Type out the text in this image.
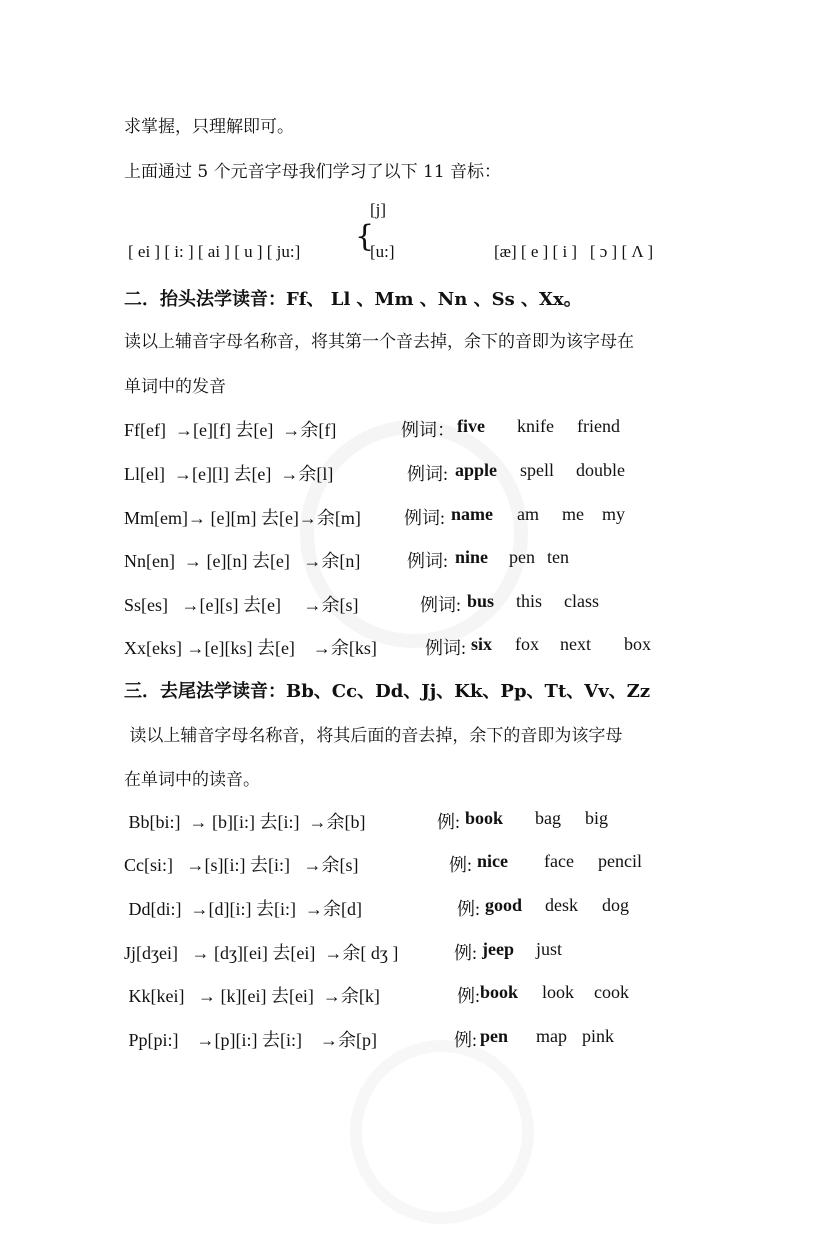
求掌握，只理解即可。
上面通过 5 个元音字母我们学习了以下 11 音标：
[j]
[ ei ] [ i: ] [ ai ] [ u ] [ ju:] {
[u:]	[æ] [ e ] [ i ]   [ ɔ ] [ Λ ]
二．抬头法学读音：Ff、 Ll 、Mm 、Nn 、Ss 、Xx。
读以上辅音字母名称音，将其第一个音去掉，余下的音即为该字母在
单词中的发音
Ff[ef]  →[e][f] 去[e]  →余[f]	例词： five knife friend
Ll[el]  →[e][l] 去[e]  →余[l]	例词: apple spell double
Mm[em]→ [e][m] 去[e]→余[m] 例词: name am me my
Nn[en]  → [e][n] 去[e]   →余[n]	例词: nine pen ten
Ss[es]   →[e][s] 去[e]     →余[s]	例词: bus this class
Xx[eks] →[e][ks] 去[e]    →余[ks]	例词: six fox next box
三．去尾法学读音：Bb、Cc、Dd、Jj、Kk、Pp、Tt、Vv、Zz
读以上辅音字母名称音，将其后面的音去掉，余下的音即为该字母
在单词中的读音。
Bb[bi:]  → [b][i:] 去[i:]  →余[b]	例: book bag big
Cc[si:]   →[s][i:] 去[i:]   →余[s]	例: nice face pencil
Dd[di:]  →[d][i:] 去[i:]  →余[d]	例: good desk dog
Jj[dʒei]   → [dʒ][ei] 去[ei]  →余[ dʒ ]	例: jeep just
Kk[kei]   → [k][ei] 去[ei]  →余[k]	例: book look cook
Pp[pi:]    →[p][i:] 去[i:]    →余[p]	例: pen map pink
